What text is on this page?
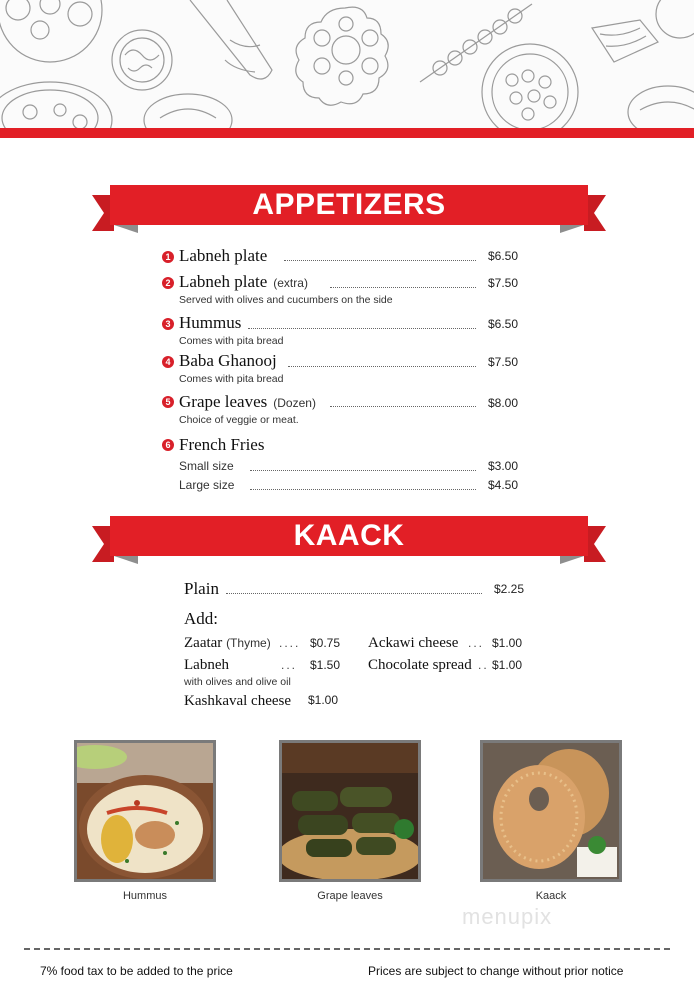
APPETIZERS
1 Labneh plate	$6.50
2 Labneh plate (extra)	$7.50
Served with olives and cucumbers on the side
3 Hummus	$6.50
Comes with pita bread
4 Baba Ghanooj	$7.50
Comes with pita bread
5 Grape leaves (Dozen)	$8.00
Choice of veggie or meat.
6 French Fries
Small size	$3.00
Large size	$4.50
KAACK
Plain	$2.25
Add:
Zaatar (Thyme) .... $0.75
Labneh	... $1.50
with olives and olive oil
Kashkaval cheese $1.00
Ackawi cheese ... $1.00
Chocolate spread .. $1.00
Hummus	Grape leaves	Kaack
menupix
7% food tax to be added to the price	Prices are subject to change without prior notice
